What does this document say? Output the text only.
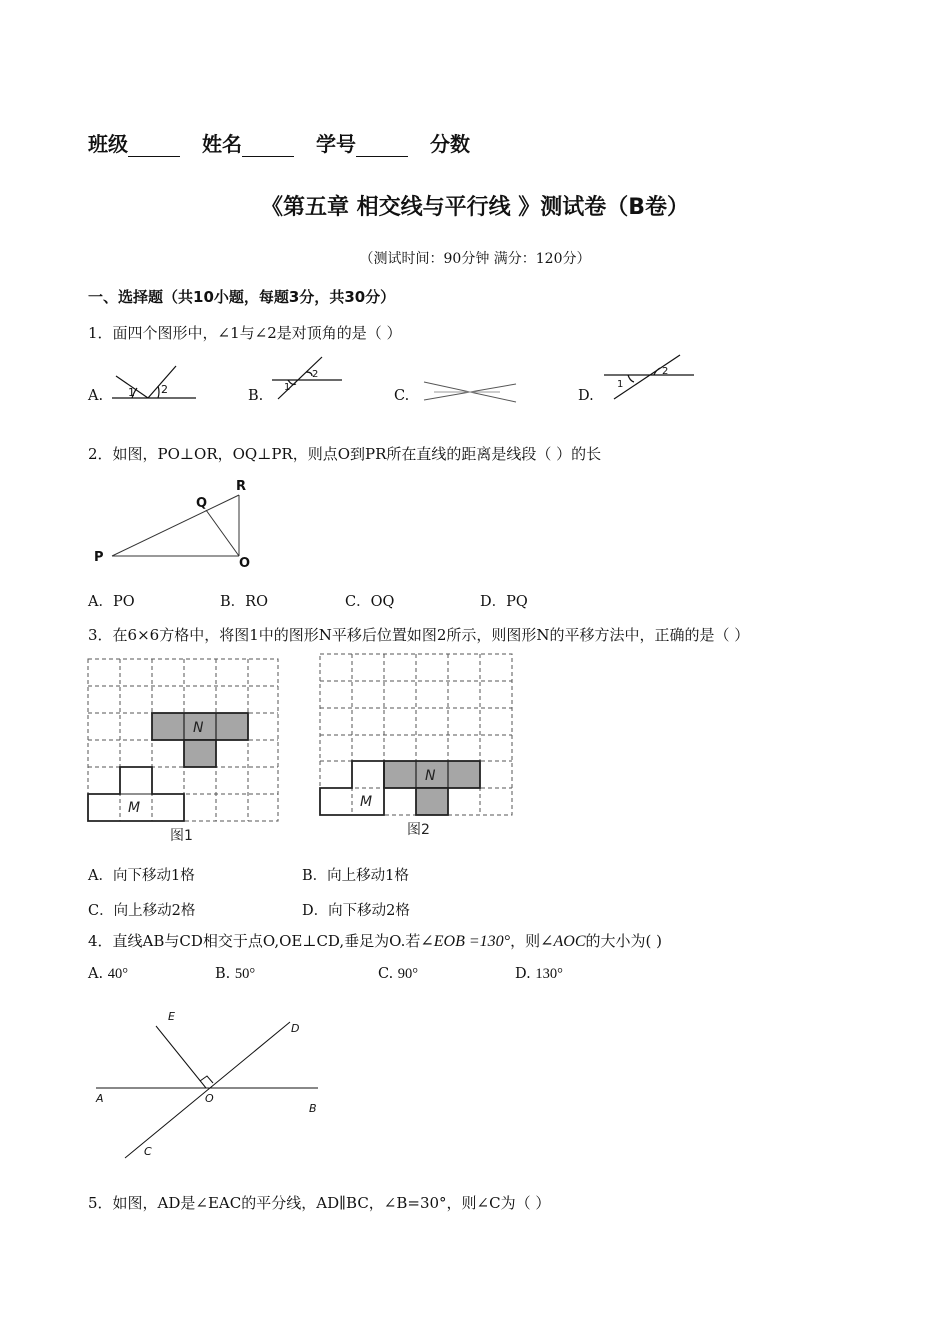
班级	姓名	学号	分数
《第五章 相交线与平行线 》测试卷（B卷）
（测试时间：90分钟 满分：120分）
一、选择题（共10小题，每题3分，共30分）
1．面四个图形中，∠1与∠2是对顶角的是（ ）
A.	B.	C.	D.
1 2	1
2
1
2
2．如图，PO⊥OR，OQ⊥PR，则点O到PR所在直线的距离是线段（ ）的长
P
Q
R
O
A．PO	B．RO	C．OQ	D．PQ
3．在6×6方格中，将图1中的图形N平移后位置如图2所示，则图形N的平移方法中，正确的是（ ）
N
M
图1
N
M
图2
A．向下移动1格	B．向上移动1格
C．向上移动2格	D．向下移动2格
4．直线AB与CD相交于点O,OE⊥CD,垂足为O.若∠EOB =130°，则∠AOC的大小为( )
A. 40°	B. 50°	C. 90°	D. 130°
E
D
A	O
B
C
5．如图，AD是∠EAC的平分线，AD∥BC，∠B=30°，则∠C为（ ）
